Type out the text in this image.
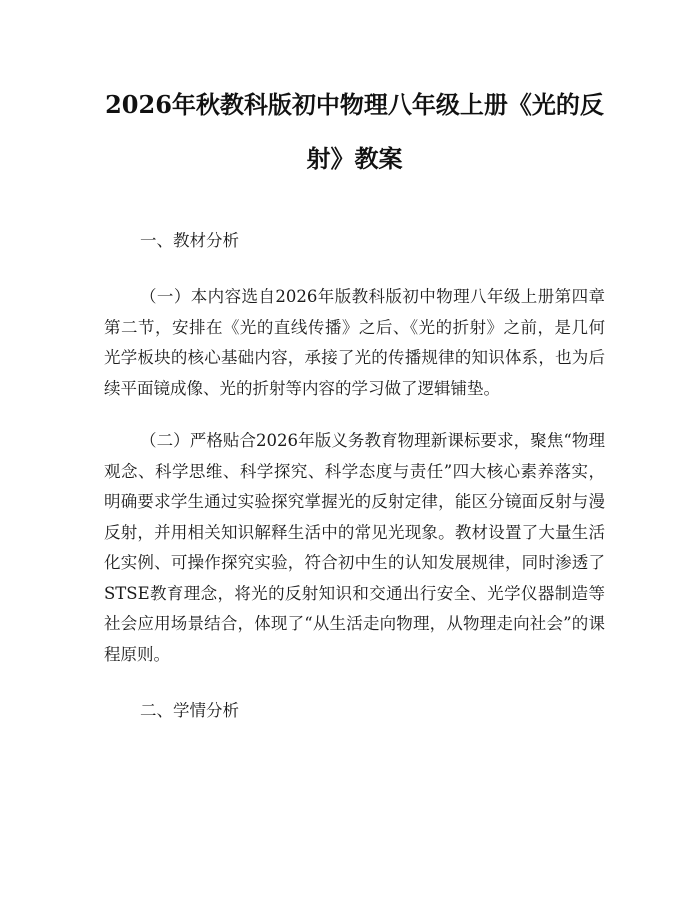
2026年秋教科版初中物理八年级上册《光的反射》教案
一、教材分析

（一）本内容选自2026年版教科版初中物理八年级上册第四章第二节，安排在《光的直线传播》之后、《光的折射》之前，是几何光学板块的核心基础内容，承接了光的传播规律的知识体系，也为后续平面镜成像、光的折射等内容的学习做了逻辑铺垫。

（二）严格贴合2026年版义务教育物理新课标要求，聚焦“物理观念、科学思维、科学探究、科学态度与责任”四大核心素养落实，明确要求学生通过实验探究掌握光的反射定律，能区分镜面反射与漫反射，并用相关知识解释生活中的常见光现象。教材设置了大量生活化实例、可操作探究实验，符合初中生的认知发展规律，同时渗透了STSE教育理念，将光的反射知识和交通出行安全、光学仪器制造等社会应用场景结合，体现了“从生活走向物理，从物理走向社会”的课程原则。

二、学情分析
